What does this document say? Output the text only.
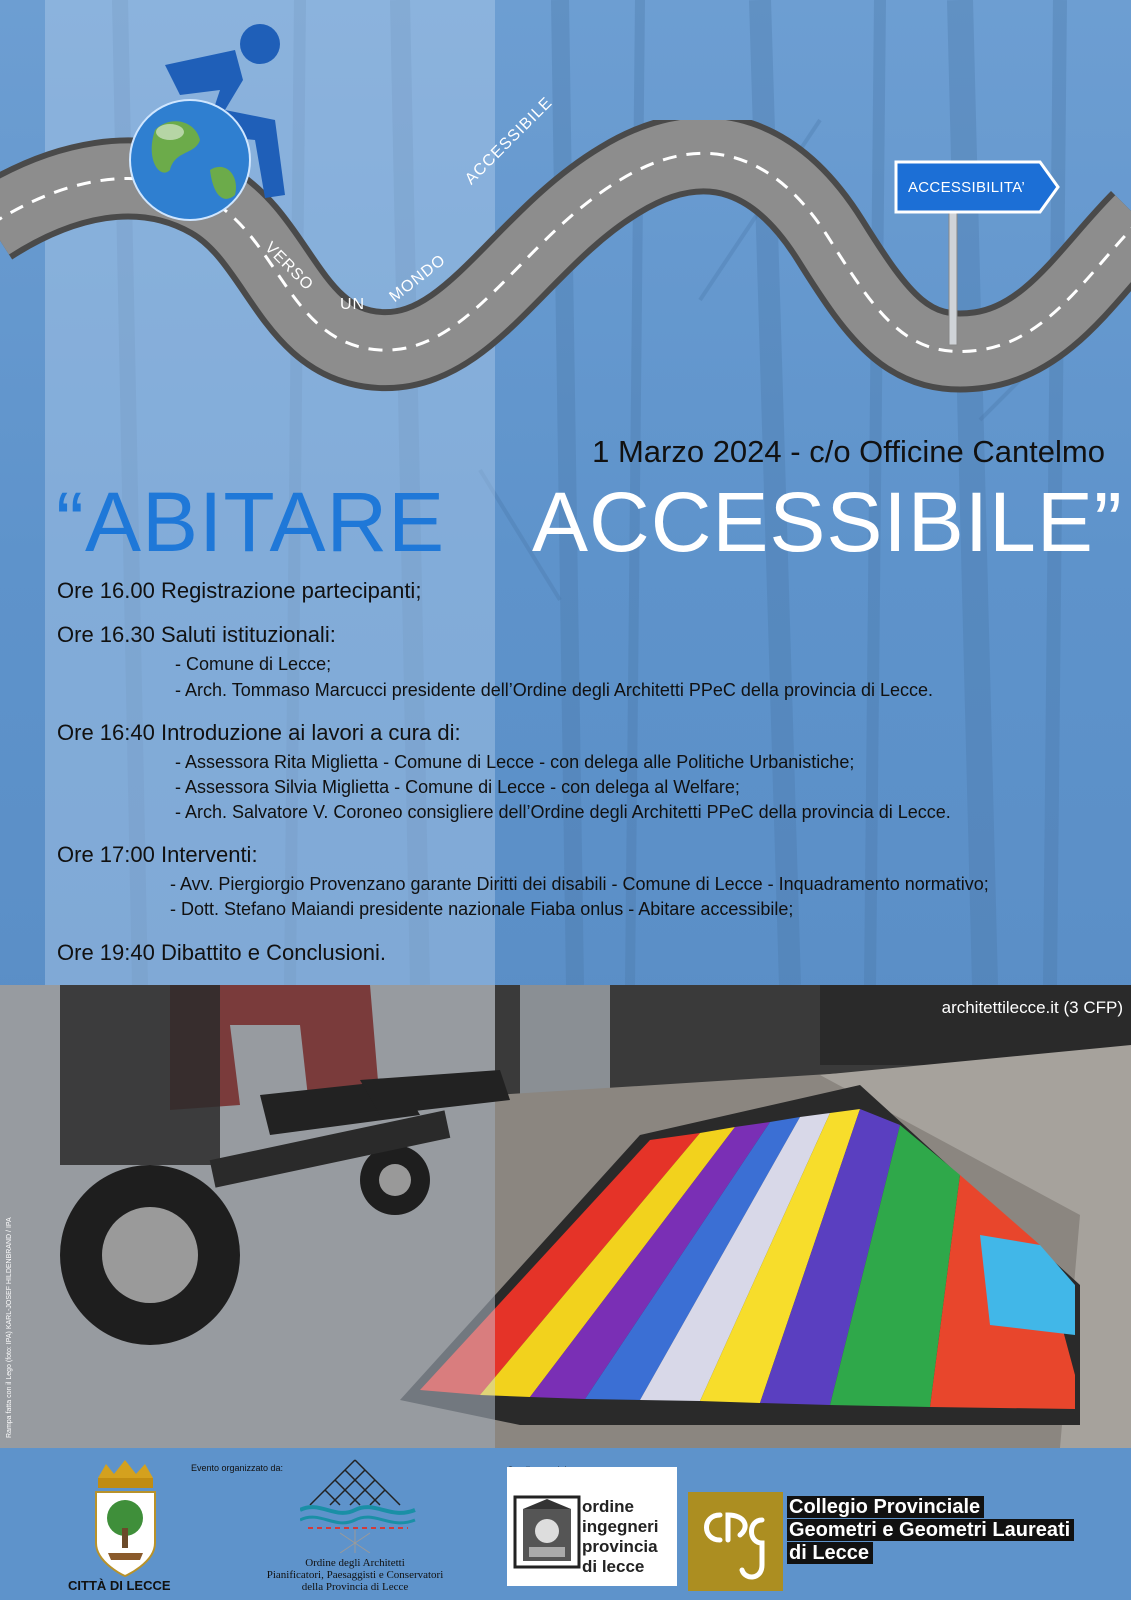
VERSO
UN MONDO
ACCESSIBILE	ACCESSIBILITA’
1 Marzo 2024 - c/o Officine Cantelmo
“ABITARE ACCESSIBILE”
Ore 16.00 Registrazione partecipanti;
Ore 16.30 Saluti istituzionali:
- Comune di Lecce;
- Arch. Tommaso Marcucci presidente dell’Ordine degli Architetti PPeC della provincia di Lecce.
Ore 16:40 Introduzione ai lavori a cura di:
- Assessora Rita Miglietta - Comune di Lecce - con delega alle Politiche Urbanistiche;
- Assessora Silvia Miglietta - Comune di Lecce - con delega al Welfare;
- Arch. Salvatore V. Coroneo consigliere dell’Ordine degli Architetti PPeC della provincia di Lecce.
Ore 17:00 Interventi:
- Avv. Piergiorgio Provenzano garante Diritti dei disabili - Comune di Lecce - Inquadramento normativo;
- Dott. Stefano Maiandi presidente nazionale Fiaba onlus - Abitare accessibile;
Ore 19:40 Dibattito e Conclusioni.
architettilecce.it (3 CFP)
Rampa fatta con il Lego (foto: IPA) KARL-JOSEF HILDENBRAND / IPA
Evento organizzato da:
CITTÀ DI LECCE
Ordine degli Architetti
Pianificatori, Paesaggisti e Conservatori
della Provincia di Lecce
ordine
ingegneri
provincia
di lecce
Collegio Provinciale
Geometri e Geometri Laureati
di Lecce
